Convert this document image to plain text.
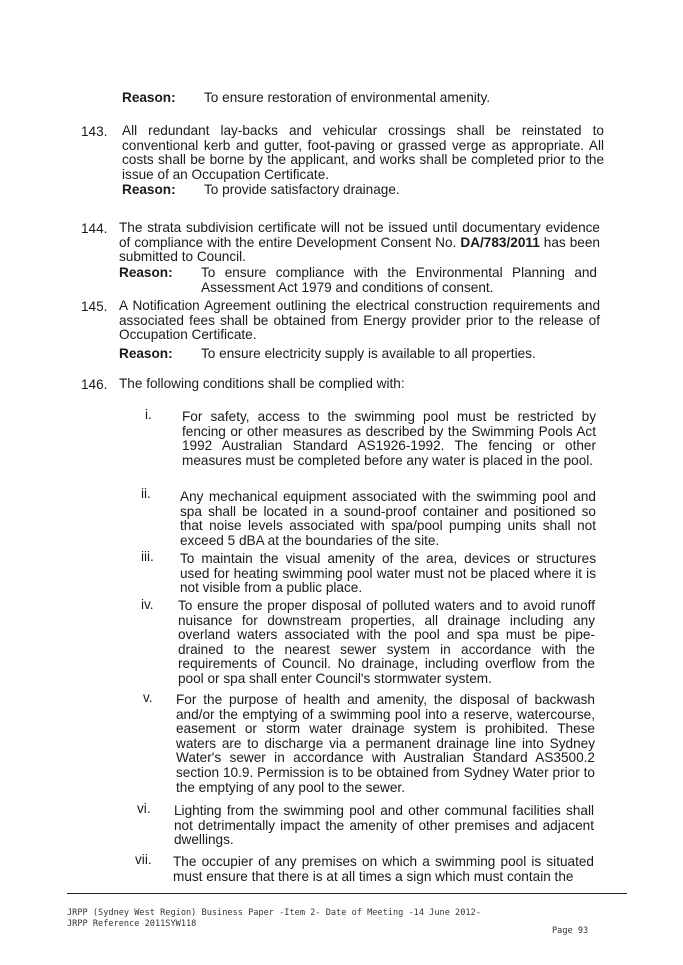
Reason: To ensure restoration of environmental amenity.
143. All redundant lay-backs and vehicular crossings shall be reinstated to conventional kerb and gutter, foot-paving or grassed verge as appropriate. All costs shall be borne by the applicant, and works shall be completed prior to the issue of an Occupation Certificate.
Reason: To provide satisfactory drainage.
144. The strata subdivision certificate will not be issued until documentary evidence of compliance with the entire Development Consent No. DA/783/2011 has been submitted to Council.
Reason: To ensure compliance with the Environmental Planning and Assessment Act 1979 and conditions of consent.
145. A Notification Agreement outlining the electrical construction requirements and associated fees shall be obtained from Energy provider prior to the release of Occupation Certificate.
Reason: To ensure electricity supply is available to all properties.
146. The following conditions shall be complied with:
i. For safety, access to the swimming pool must be restricted by fencing or other measures as described by the Swimming Pools Act 1992 Australian Standard AS1926-1992. The fencing or other measures must be completed before any water is placed in the pool.
ii. Any mechanical equipment associated with the swimming pool and spa shall be located in a sound-proof container and positioned so that noise levels associated with spa/pool pumping units shall not exceed 5 dBA at the boundaries of the site.
iii. To maintain the visual amenity of the area, devices or structures used for heating swimming pool water must not be placed where it is not visible from a public place.
iv. To ensure the proper disposal of polluted waters and to avoid runoff nuisance for downstream properties, all drainage including any overland waters associated with the pool and spa must be pipe-drained to the nearest sewer system in accordance with the requirements of Council. No drainage, including overflow from the pool or spa shall enter Council's stormwater system.
v. For the purpose of health and amenity, the disposal of backwash and/or the emptying of a swimming pool into a reserve, watercourse, easement or storm water drainage system is prohibited. These waters are to discharge via a permanent drainage line into Sydney Water's sewer in accordance with Australian Standard AS3500.2 section 10.9. Permission is to be obtained from Sydney Water prior to the emptying of any pool to the sewer.
vi. Lighting from the swimming pool and other communal facilities shall not detrimentally impact the amenity of other premises and adjacent dwellings.
vii. The occupier of any premises on which a swimming pool is situated must ensure that there is at all times a sign which must contain the
JRPP (Sydney West Region) Business Paper -Item 2- Date of Meeting -14 June 2012-
JRPP Reference 2011SYW118
Page 93
